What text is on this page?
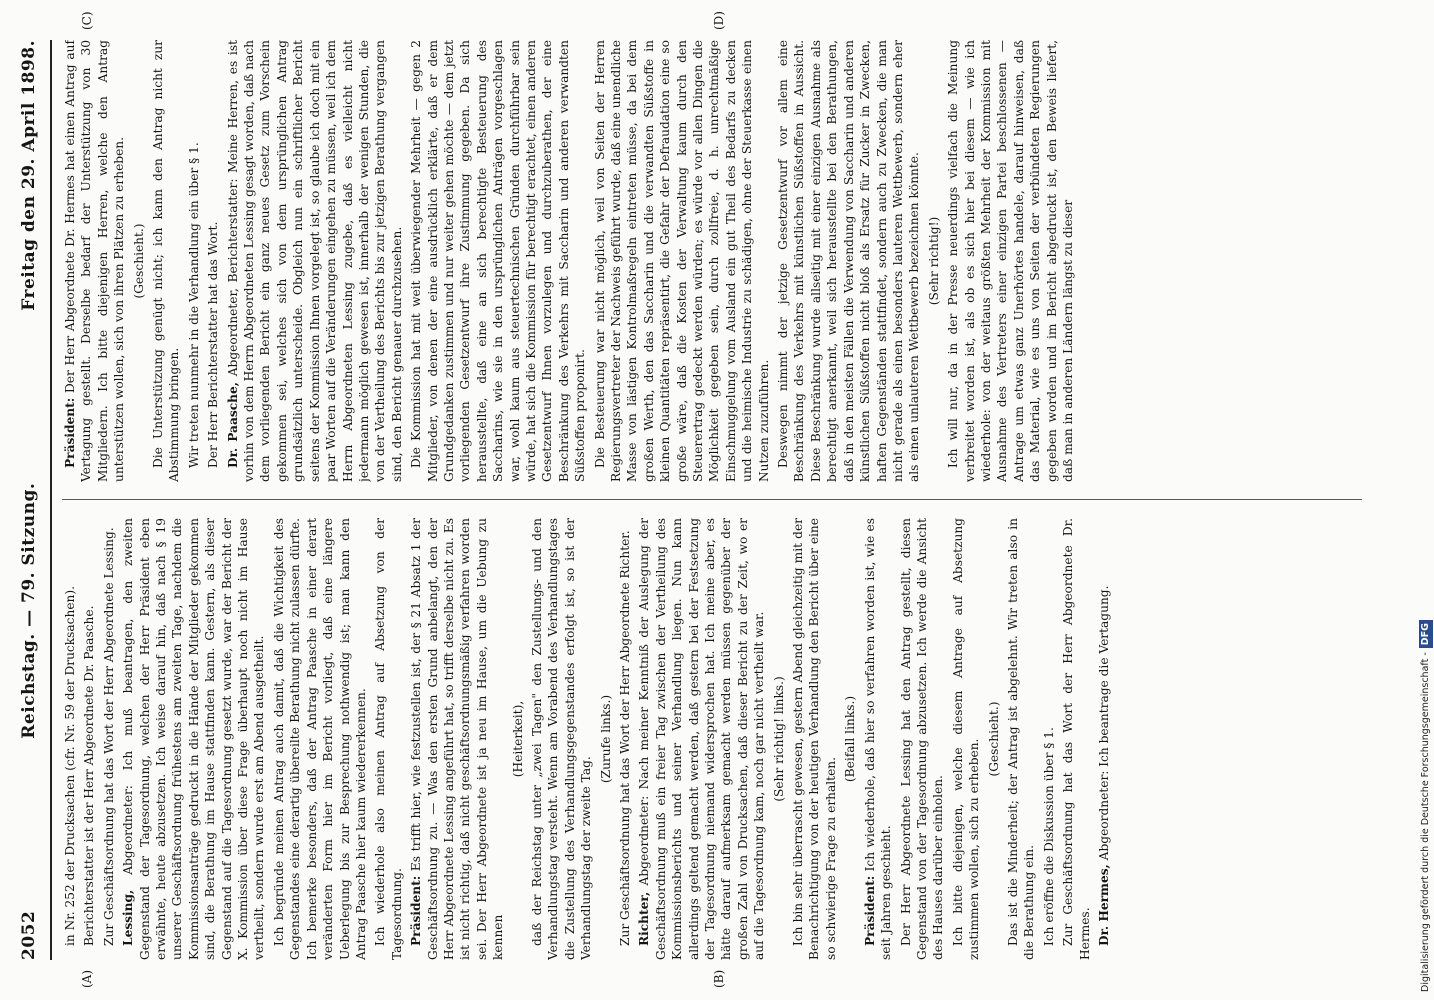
2052
Reichstag. — 79. Sitzung.
Freitag den 29. April 1898.
(A)	(B)
(C)	(D)

in Nr. 252 der Drucksachen (cfr. Nr. 59 der Drucksachen). Berichterstatter ist der Herr Abgeordnete Dr. Paasche. Zur Geschäftsordnung hat das Wort der Herr Abgeordnete Lessing. Lessing, Abgeordneter: Ich muß beantragen, den zweiten Gegenstand der Tagesordnung, welchen der Herr Präsident eben erwähnte, heute abzusetzen. Ich weise darauf hin, daß nach § 19 unserer Geschäftsordnung frühestens am zweiten Tage, nachdem die Kommissionsanträge gedruckt in die Hände der Mitglieder gekommen sind, die Berathung im Hause stattfinden kann. Gestern, als dieser Gegenstand auf die Tagesordnung gesetzt wurde, war der Bericht der X. Kommission über diese Frage überhaupt noch nicht im Hause vertheilt, sondern wurde erst am Abend ausgetheilt. Ich begründe meinen Antrag auch damit, daß die Wichtigkeit des Gegenstandes eine derartig übereilte Berathung nicht zulassen dürfte. Ich bemerke besonders, daß der Antrag Paasche in einer derart veränderten Form hier im Bericht vorliegt, daß eine längere Ueberlegung bis zur Besprechung nothwendig ist; man kann den Antrag Paasche hier kaum wiedererkennen. Ich wiederhole also meinen Antrag auf Absetzung von der Tagesordnung. Präsident: Es trifft hier, wie festzustellen ist, der § 21 Absatz 1 der Geschäftsordnung zu. — Was den ersten Grund anbelangt, den der Herr Abgeordnete Lessing angeführt hat, so trifft derselbe nicht zu. Es ist nicht richtig, daß nicht geschäftsordnungsmäßig verfahren worden sei. Der Herr Abgeordnete ist ja neu im Hause, um die Uebung zu kennen

(Heiterkeit), daß der Reichstag unter „zwei Tagen" den Zustellungs- und den Verhandlungstag versteht. Wenn am Vorabend des Verhandlungstages die Zustellung des Verhandlungsgegenstandes erfolgt ist, so ist der Verhandlungstag der zweite Tag.

(Zurufe links.) Zur Geschäftsordnung hat das Wort der Herr Abgeordnete Richter. Richter, Abgeordneter: Nach meiner Kenntniß der Auslegung der Geschäftsordnung muß ein freier Tag zwischen der Vertheilung des Kommissionsberichts und seiner Verhandlung liegen. Nun kann allerdings geltend gemacht werden, daß gestern bei der Festsetzung der Tagesordnung niemand widersprochen hat. Ich meine aber, es hätte darauf aufmerksam gemacht werden müssen gegenüber der großen Zahl von Drucksachen, daß dieser Bericht zu der Zeit, wo er auf die Tagesordnung kam, noch gar nicht vertheilt war. (Sehr richtig! links.) Ich bin sehr überrascht gewesen, gestern Abend gleichzeitig mit der Benachrichtigung von der heutigen Verhandlung den Bericht über eine so schwierige Frage zu erhalten.

(Beifall links.)

Präsident: Ich wiederhole, daß hier so verfahren worden ist, wie es seit Jahren geschieht. Der Herr Abgeordnete Lessing hat den Antrag gestellt, diesen Gegenstand von der Tagesordnung abzusetzen. Ich werde die Ansicht des Hauses darüber einholen. Ich bitte diejenigen, welche diesem Antrage auf Absetzung zustimmen wollen, sich zu erheben. (Geschieht.) Das ist die Minderheit; der Antrag ist abgelehnt. Wir treten also in die Berathung ein. Ich eröffne die Diskussion über § 1. Zur Geschäftsordnung hat das Wort der Herr Abgeordnete Dr. Hermes. Dr. Hermes, Abgeordneter: Ich beantrage die Vertagung.

Präsident: Der Herr Abgeordnete Dr. Hermes hat einen Antrag auf Vertagung gestellt. Derselbe bedarf der Unterstützung von 30 Mitgliedern. Ich bitte diejenigen Herren, welche den Antrag unterstützen wollen, sich von ihren Plätzen zu erheben. (Geschieht.) Die Unterstützung genügt nicht; ich kann den Antrag nicht zur Abstimmung bringen. Wir treten nunmehr in die Verhandlung ein über § 1. Der Herr Berichterstatter hat das Wort. Dr. Paasche, Abgeordneter, Berichterstatter: Meine Herren, es ist vorhin von dem Herrn Abgeordneten Lessing gesagt worden, daß nach dem vorliegenden Bericht ein ganz neues Gesetz zum Vorschein gekommen sei, welches sich von dem ursprünglichen Antrag grundsätzlich unterscheide. Obgleich nun ein schriftlicher Bericht seitens der Kommission Ihnen vorgelegt ist, so glaube ich doch mit ein paar Worten auf die Veränderungen eingehen zu müssen, weil ich dem Herrn Abgeordneten Lessing zugebe, daß es vielleicht nicht jedermann möglich gewesen ist, innerhalb der wenigen Stunden, die von der Vertheilung des Berichts bis zur jetzigen Berathung vergangen sind, den Bericht genauer durchzusehen. Die Kommission hat mit weit überwiegender Mehrheit — gegen 2 Mitglieder, von denen der eine ausdrücklich erklärte, daß er dem Grundgedanken zustimmen und nur weiter gehen möchte — dem jetzt vorliegenden Gesetzentwurf ihre Zustimmung gegeben. Da sich herausstellte, daß eine an sich berechtigte Besteuerung des Saccharins, wie sie in den ursprünglichen Anträgen vorgeschlagen war, wohl kaum aus steuertechnischen Gründen durchführbar sein würde, hat sich die Kommission für berechtigt erachtet, einen anderen Gesetzentwurf Ihnen vorzulegen und durchzuberathen, der eine Beschränkung des Verkehrs mit Saccharin und anderen verwandten Süßstoffen proponirt. Die Besteuerung war nicht möglich, weil von Seiten der Herren Regierungsvertreter der Nachweis geführt wurde, daß eine unendliche Masse von lästigen Kontrolmaßregeln eintreten müsse, da bei dem großen Werth, den das Saccharin und die verwandten Süßstoffe in kleinen Quantitäten repräsentirt, die Gefahr der Defraudation eine so große wäre, daß die Kosten der Verwaltung kaum durch den Steuerertrag gedeckt werden würden; es würde vor allen Dingen die Möglichkeit gegeben sein, durch zollfreie, d. h. unrechtmäßige Einschmuggelung vom Ausland ein gut Theil des Bedarfs zu decken und die heimische Industrie zu schädigen, ohne der Steuerkasse einen Nutzen zuzuführen. Deswegen nimmt der jetzige Gesetzentwurf vor allem eine Beschränkung des Verkehrs mit künstlichen Süßstoffen in Aussicht. Diese Beschränkung wurde allseitig mit einer einzigen Ausnahme als berechtigt anerkannt, weil sich herausstellte bei den Berathungen, daß in den meisten Fällen die Verwendung von Saccharin und anderen künstlichen Süßstoffen nicht bloß als Ersatz für Zucker in Zwecken, haften Gegenständen stattfindet, sondern auch zu Zwecken, die man nicht gerade als einen besonders lauteren Wettbewerb, sondern eher als einen unlauteren Wettbewerb bezeichnen könnte. (Sehr richtig!) Ich will nur, da in der Presse neuerdings vielfach die Meinung verbreitet worden ist, als ob es sich hier bei diesem — wie ich wiederhole: von der weitaus größten Mehrheit der Kommission mit Ausnahme des Vertreters einer einzigen Partei beschlossenen — Antrage um etwas ganz Unerhörtes handele, darauf hinweisen, daß das Material, wie es uns von Seiten der verbündeten Regierungen gegeben worden und im Bericht abgedruckt ist, den Beweis liefert, daß man in anderen Ländern längst zu dieser

Digitalisierung gefördert durch die Deutsche Forschungsgemeinschaft -DFG
